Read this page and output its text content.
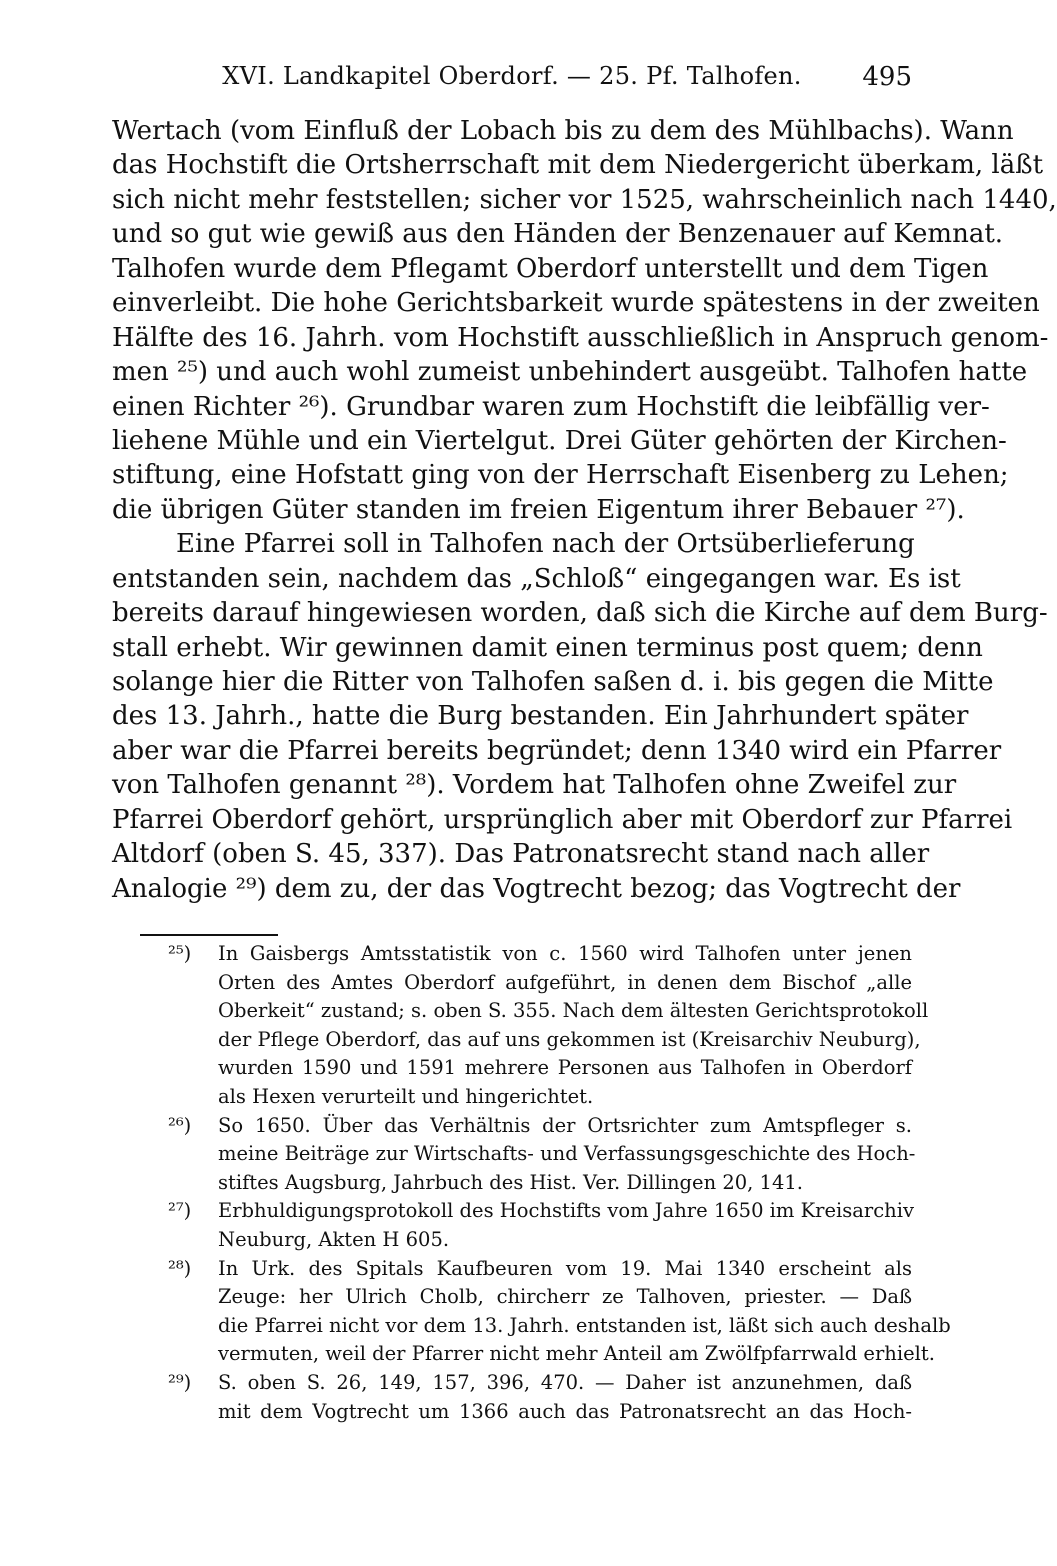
XVI. Landkapitel Oberdorf. — 25. Pf. Talhofen.	495
Wertach (vom Einfluß der Lobach bis zu dem des Mühlbachs). Wann
das Hochstift die Ortsherrschaft mit dem Niedergericht überkam, läßt
sich nicht mehr feststellen; sicher vor 1525, wahrscheinlich nach 1440,
und so gut wie gewiß aus den Händen der Benzenauer auf Kemnat.
Talhofen wurde dem Pflegamt Oberdorf unterstellt und dem Tigen
einverleibt. Die hohe Gerichtsbarkeit wurde spätestens in der zweiten
Hälfte des 16. Jahrh. vom Hochstift ausschließlich in Anspruch genom-
men ²⁵) und auch wohl zumeist unbehindert ausgeübt. Talhofen hatte
einen Richter ²⁶). Grundbar waren zum Hochstift die leibfällig ver-
liehene Mühle und ein Viertelgut. Drei Güter gehörten der Kirchen-
stiftung, eine Hofstatt ging von der Herrschaft Eisenberg zu Lehen;
die übrigen Güter standen im freien Eigentum ihrer Bebauer ²⁷).
Eine Pfarrei soll in Talhofen nach der Ortsüberlieferung
entstanden sein, nachdem das „Schloß“ eingegangen war. Es ist
bereits darauf hingewiesen worden, daß sich die Kirche auf dem Burg-
stall erhebt. Wir gewinnen damit einen terminus post quem; denn
solange hier die Ritter von Talhofen saßen d. i. bis gegen die Mitte
des 13. Jahrh., hatte die Burg bestanden. Ein Jahrhundert später
aber war die Pfarrei bereits begründet; denn 1340 wird ein Pfarrer
von Talhofen genannt ²⁸). Vordem hat Talhofen ohne Zweifel zur
Pfarrei Oberdorf gehört, ursprünglich aber mit Oberdorf zur Pfarrei
Altdorf (oben S. 45, 337). Das Patronatsrecht stand nach aller
Analogie ²⁹) dem zu, der das Vogtrecht bezog; das Vogtrecht der
²⁵) In Gaisbergs Amtsstatistik von c. 1560 wird Talhofen unter jenen
Orten des Amtes Oberdorf aufgeführt, in denen dem Bischof „alle
Oberkeit“ zustand; s. oben S. 355. Nach dem ältesten Gerichtsprotokoll
der Pflege Oberdorf, das auf uns gekommen ist (Kreisarchiv Neuburg),
wurden 1590 und 1591 mehrere Personen aus Talhofen in Oberdorf
als Hexen verurteilt und hingerichtet.
²⁶) So 1650. Über das Verhältnis der Ortsrichter zum Amtspfleger s.
meine Beiträge zur Wirtschafts- und Verfassungsgeschichte des Hoch-
stiftes Augsburg, Jahrbuch des Hist. Ver. Dillingen 20, 141.
²⁷) Erbhuldigungsprotokoll des Hochstifts vom Jahre 1650 im Kreisarchiv
Neuburg, Akten H 605.
²⁸) In Urk. des Spitals Kaufbeuren vom 19. Mai 1340 erscheint als
Zeuge: her Ulrich Cholb, chircherr ze Talhoven, priester. — Daß
die Pfarrei nicht vor dem 13. Jahrh. entstanden ist, läßt sich auch deshalb
vermuten, weil der Pfarrer nicht mehr Anteil am Zwölfpfarrwald erhielt.
²⁹) S. oben S. 26, 149, 157, 396, 470. — Daher ist anzunehmen, daß
mit dem Vogtrecht um 1366 auch das Patronatsrecht an das Hoch-
